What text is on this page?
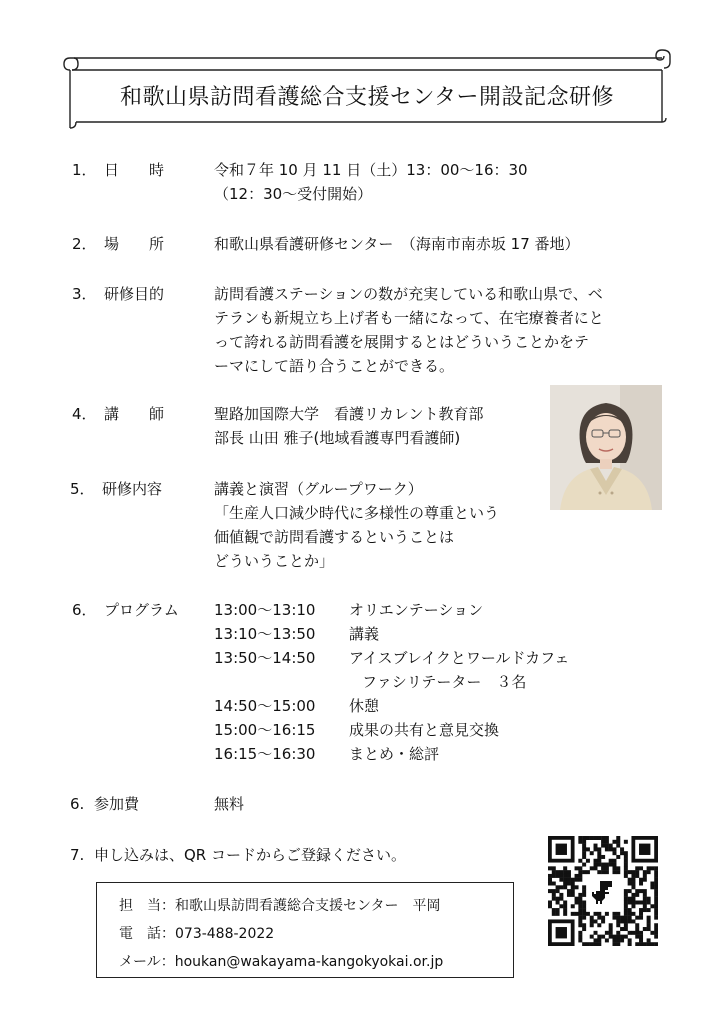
和歌山県訪問看護総合支援センター開設記念研修
1． 日　　時	令和７年 10 月 11 日（土）13：00～16：30
（12：30～受付開始）
2． 場　　所	和歌山県看護研修センター　（海南市南赤坂 17 番地）
3． 研修目的	訪問看護ステーションの数が充実している和歌山県で、ベ
テランも新規立ち上げ者も一緒になって、在宅療養者にと
って誇れる訪問看護を展開するとはどういうことかをテ
ーマにして語り合うことができる。
4． 講　　師	聖路加国際大学　看護リカレント教育部
部長 山田 雅子(地域看護専門看護師)
5． 研修内容	講義と演習（グループワーク）
「生産人口減少時代に多様性の尊重という
価値観で訪問看護するということは
どういうことか」
6． プログラム 13:00～13:10 オリエンテーション
13:10～13:50 講義
13:50～14:50 アイスブレイクとワールドカフェ
ファシリテーター　３名
14:50～15:00 休憩
15:00～16:15 成果の共有と意見交換
16:15～16:30 まとめ・総評
6. 参加費	無料
7. 申し込みは、QR コードからご登録ください。
担　当：和歌山県訪問看護総合支援センター　平岡
電　話：073-488-2022
メール：houkan@wakayama-kangokyokai.or.jp
